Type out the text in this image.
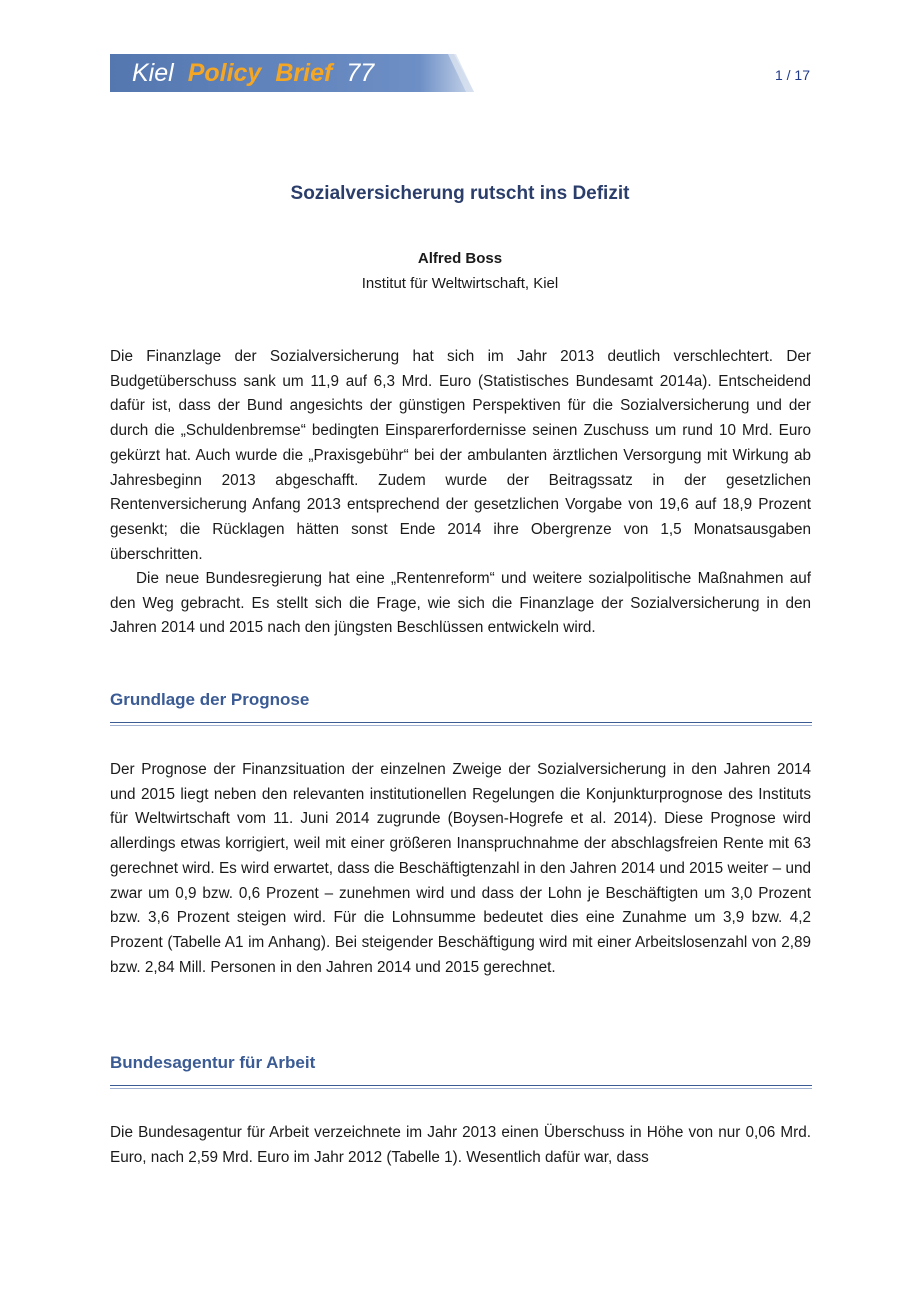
Kiel Policy Brief 77	1 / 17
Sozialversicherung rutscht ins Defizit
Alfred Boss
Institut für Weltwirtschaft, Kiel

Die Finanzlage der Sozialversicherung hat sich im Jahr 2013 deutlich verschlechtert. Der Budgetüberschuss sank um 11,9 auf 6,3 Mrd. Euro (Statistisches Bundesamt 2014a). Entscheidend dafür ist, dass der Bund angesichts der günstigen Perspektiven für die Sozialversicherung und der durch die „Schuldenbremse“ bedingten Einsparerfordernisse seinen Zuschuss um rund 10 Mrd. Euro gekürzt hat. Auch wurde die „Praxisgebühr“ bei der ambulanten ärztlichen Versorgung mit Wirkung ab Jahresbeginn 2013 abgeschafft. Zudem wurde der Beitragssatz in der gesetzlichen Rentenversicherung Anfang 2013 entsprechend der gesetzlichen Vorgabe von 19,6 auf 18,9 Prozent gesenkt; die Rücklagen hätten sonst Ende 2014 ihre Obergrenze von 1,5 Monatsausgaben überschritten.

Die neue Bundesregierung hat eine „Rentenreform“ und weitere sozialpolitische Maßnahmen auf den Weg gebracht. Es stellt sich die Frage, wie sich die Finanzlage der Sozialversicherung in den Jahren 2014 und 2015 nach den jüngsten Beschlüssen entwickeln wird.

Grundlage der Prognose

Der Prognose der Finanzsituation der einzelnen Zweige der Sozialversicherung in den Jahren 2014 und 2015 liegt neben den relevanten institutionellen Regelungen die Konjunkturprognose des Instituts für Weltwirtschaft vom 11. Juni 2014 zugrunde (Boysen-Hogrefe et al. 2014). Diese Prognose wird allerdings etwas korrigiert, weil mit einer größeren Inanspruchnahme der abschlagsfreien Rente mit 63 gerechnet wird. Es wird erwartet, dass die Beschäftigtenzahl in den Jahren 2014 und 2015 weiter – und zwar um 0,9 bzw. 0,6 Prozent – zunehmen wird und dass der Lohn je Beschäftigten um 3,0 Prozent bzw. 3,6 Prozent steigen wird. Für die Lohnsumme bedeutet dies eine Zunahme um 3,9 bzw. 4,2 Prozent (Tabelle A1 im Anhang). Bei steigender Beschäftigung wird mit einer Arbeitslosenzahl von 2,89 bzw. 2,84 Mill. Personen in den Jahren 2014 und 2015 gerechnet.

Bundesagentur für Arbeit

Die Bundesagentur für Arbeit verzeichnete im Jahr 2013 einen Überschuss in Höhe von nur 0,06 Mrd. Euro, nach 2,59 Mrd. Euro im Jahr 2012 (Tabelle 1). Wesentlich dafür war, dass
